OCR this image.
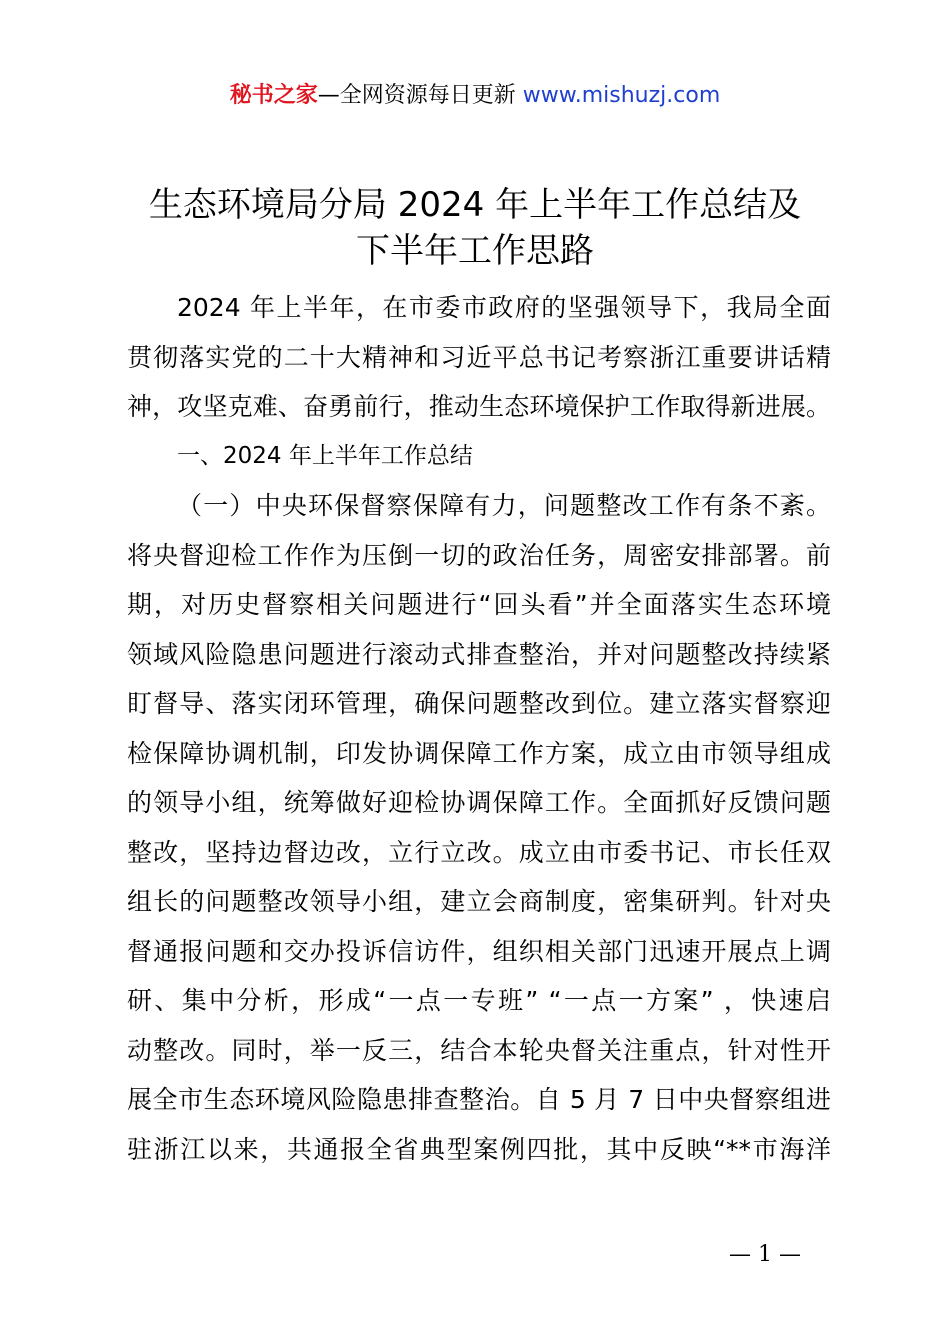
秘书之家—全网资源每日更新 www.mishuzj.com
生态环境局分局 2024 年上半年工作总结及
下半年工作思路
2024 年上半年，在市委市政府的坚强领导下，我局全面
贯彻落实党的二十大精神和习近平总书记考察浙江重要讲话精
神，攻坚克难、奋勇前行，推动生态环境保护工作取得新进展。
一、2024 年上半年工作总结
（一）中央环保督察保障有力，问题整改工作有条不紊。
将央督迎检工作作为压倒一切的政治任务，周密安排部署。前
期，对历史督察相关问题进行“回头看”并全面落实生态环境
领域风险隐患问题进行滚动式排查整治，并对问题整改持续紧
盯督导、落实闭环管理，确保问题整改到位。建立落实督察迎
检保障协调机制，印发协调保障工作方案，成立由市领导组成
的领导小组，统筹做好迎检协调保障工作。全面抓好反馈问题
整改，坚持边督边改，立行立改。成立由市委书记、市长任双
组长的问题整改领导小组，建立会商制度，密集研判。针对央
督通报问题和交办投诉信访件，组织相关部门迅速开展点上调
研、集中分析，形成“一点一专班” “一点一方案” ，快速启
动整改。同时，举一反三，结合本轮央督关注重点，针对性开
展全市生态环境风险隐患排查整治。自 5 月 7 日中央督察组进
驻浙江以来，共通报全省典型案例四批，其中反映“**市海洋
— 1 —
